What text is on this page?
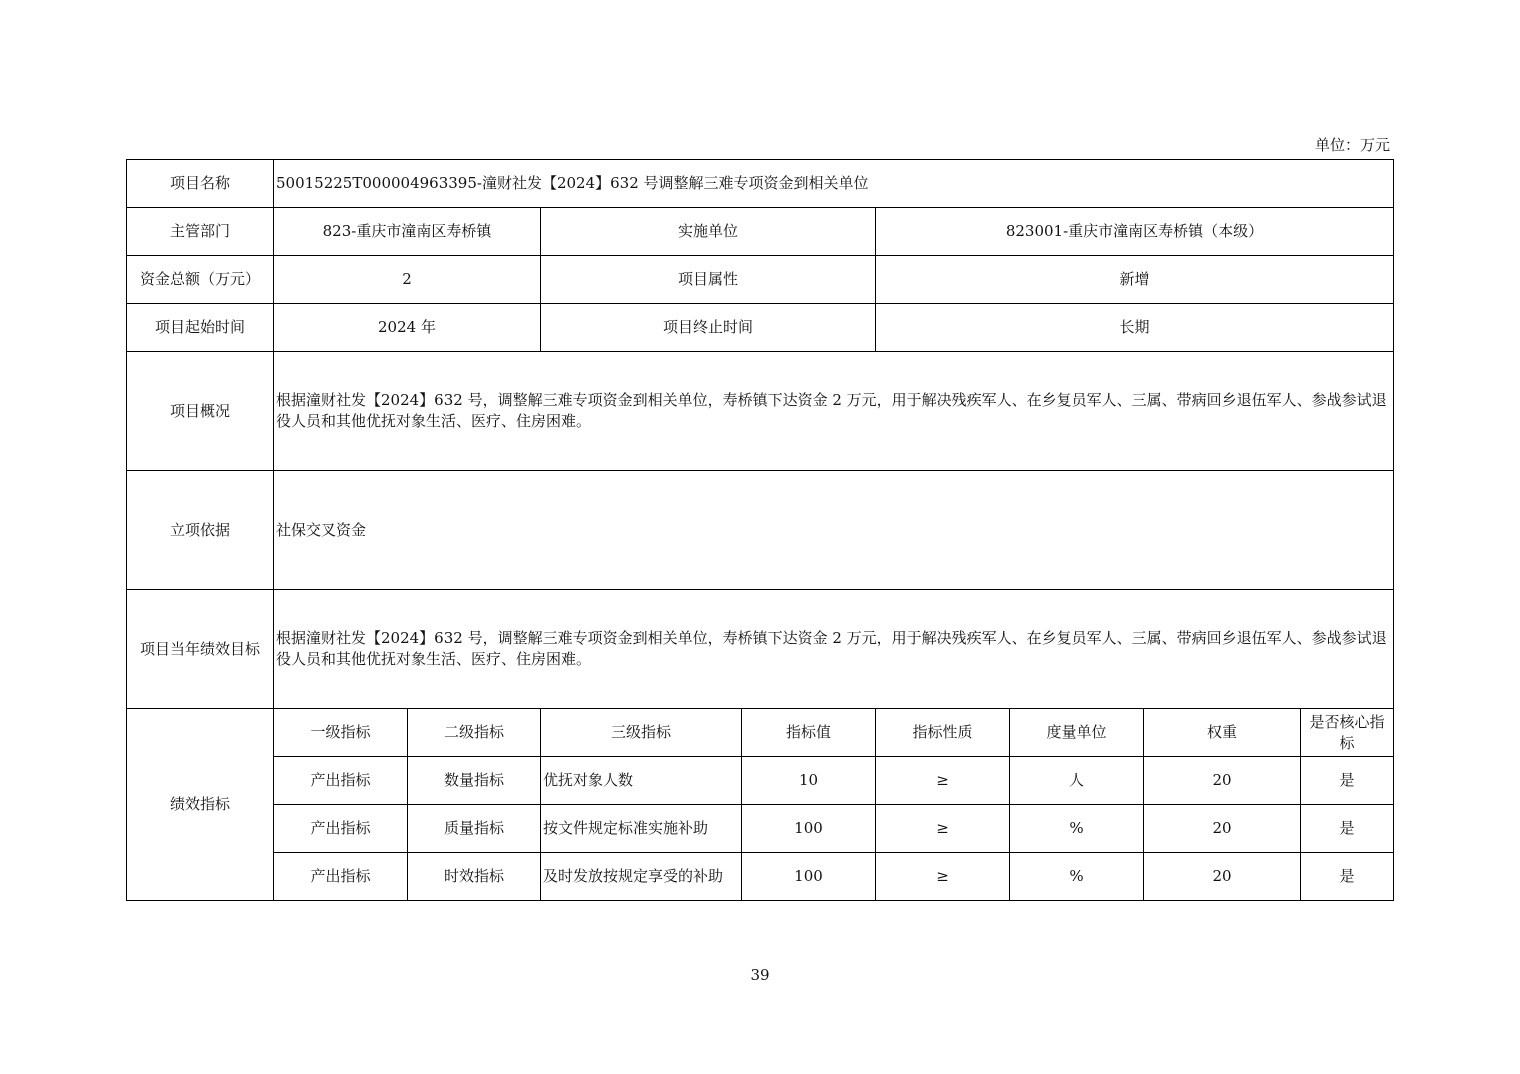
单位：万元
项目名称	50015225T000004963395-潼财社发【2024】632 号调整解三难专项资金到相关单位							
主管部门	823-重庆市潼南区寿桥镇		实施单位		823001-重庆市潼南区寿桥镇（本级）			
资金总额（万元）	2		项目属性		新增			
项目起始时间	2024 年		项目终止时间		长期			
项目概况	根据潼财社发【2024】632 号，调整解三难专项资金到相关单位，寿桥镇下达资金 2 万元，用于解决残疾军人、在乡复员军人、三属、带病回乡退伍军人、参战参试退役人员和其他优抚对象生活、医疗、住房困难。							
立项依据	社保交叉资金							
项目当年绩效目标	根据潼财社发【2024】632 号，调整解三难专项资金到相关单位，寿桥镇下达资金 2 万元，用于解决残疾军人、在乡复员军人、三属、带病回乡退伍军人、参战参试退役人员和其他优抚对象生活、医疗、住房困难。							
绩效指标	一级指标	二级指标	三级指标	指标值	指标性质	度量单位	权重	是否核心指标
	产出指标	数量指标	优抚对象人数	10	≥	人	20	是
	产出指标	质量指标	按文件规定标准实施补助	100	≥	%	20	是
	产出指标	时效指标	及时发放按规定享受的补助	100	≥	%	20	是
39
